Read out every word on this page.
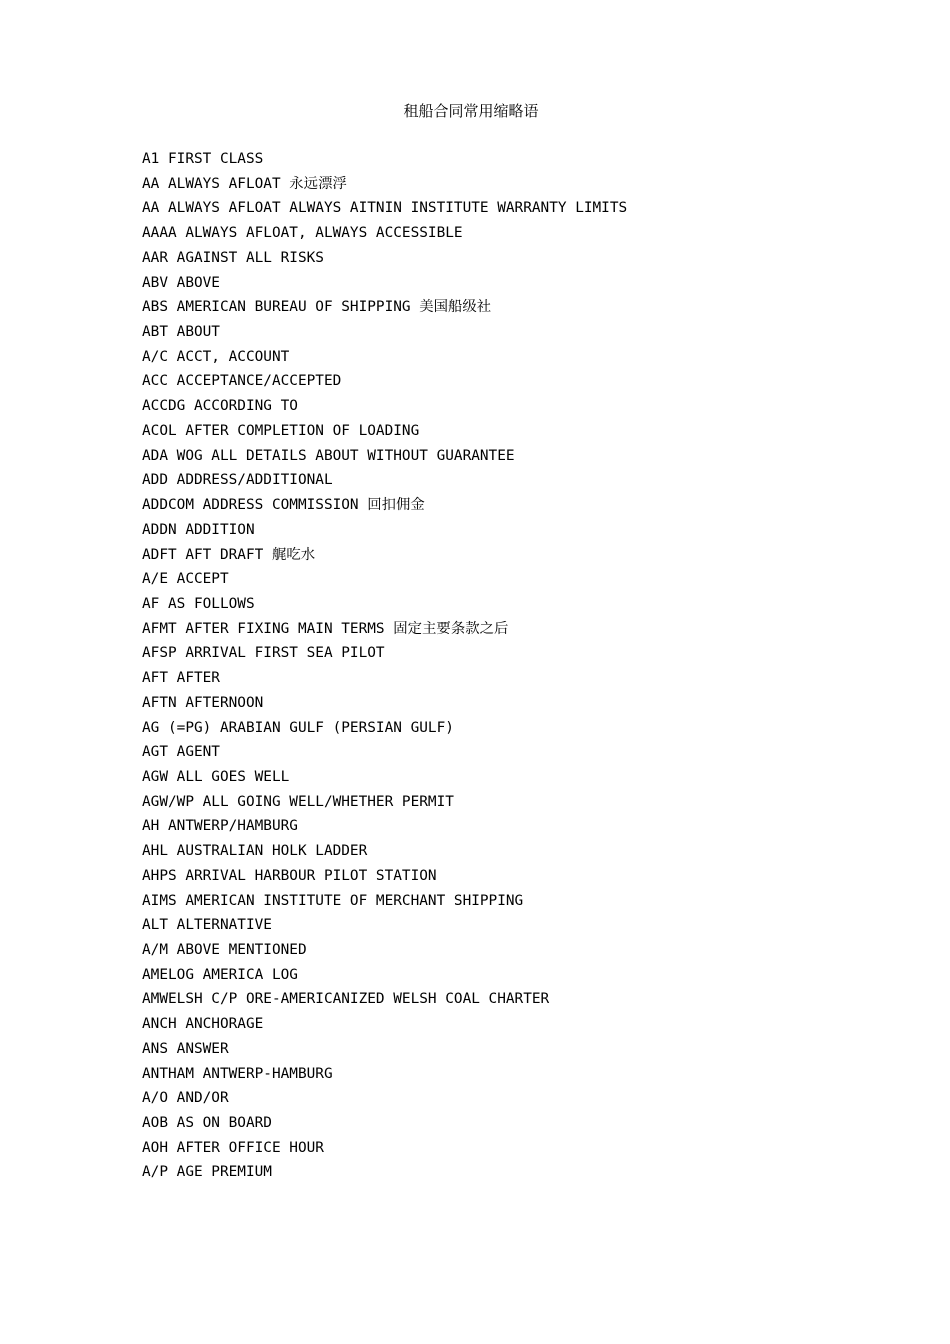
租船合同常用缩略语
A1 FIRST CLASS
AA ALWAYS AFLOAT 永远漂浮
AA ALWAYS AFLOAT ALWAYS AITNIN INSTITUTE WARRANTY LIMITS
AAAA ALWAYS AFLOAT, ALWAYS ACCESSIBLE
AAR AGAINST ALL RISKS
ABV ABOVE
ABS AMERICAN BUREAU OF SHIPPING 美国船级社
ABT ABOUT
A/C ACCT, ACCOUNT
ACC ACCEPTANCE/ACCEPTED
ACCDG ACCORDING TO
ACOL AFTER COMPLETION OF LOADING
ADA WOG ALL DETAILS ABOUT WITHOUT GUARANTEE
ADD ADDRESS/ADDITIONAL
ADDCOM ADDRESS COMMISSION 回扣佣金
ADDN ADDITION
ADFT AFT DRAFT 艉吃水
A/E ACCEPT
AF AS FOLLOWS
AFMT AFTER FIXING MAIN TERMS 固定主要条款之后
AFSP ARRIVAL FIRST SEA PILOT
AFT AFTER
AFTN AFTERNOON
AG (=PG) ARABIAN GULF (PERSIAN GULF)
AGT AGENT
AGW ALL GOES WELL
AGW/WP ALL GOING WELL/WHETHER PERMIT
AH ANTWERP/HAMBURG
AHL AUSTRALIAN HOLK LADDER
AHPS ARRIVAL HARBOUR PILOT STATION
AIMS AMERICAN INSTITUTE OF MERCHANT SHIPPING
ALT ALTERNATIVE
A/M ABOVE MENTIONED
AMELOG AMERICA LOG
AMWELSH C/P ORE-AMERICANIZED WELSH COAL CHARTER
ANCH ANCHORAGE
ANS ANSWER
ANTHAM ANTWERP-HAMBURG
A/O AND/OR
AOB AS ON BOARD
AOH AFTER OFFICE HOUR
A/P AGE PREMIUM
